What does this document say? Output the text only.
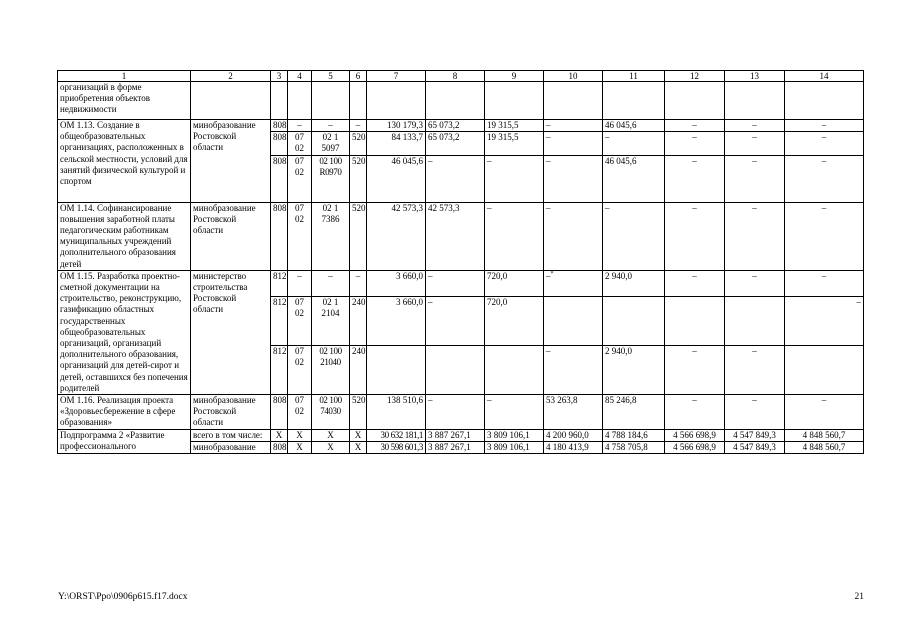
1	2	3	4	5	6	7	8	9	10	11	12	13	14
организаций в форме приобретения объектов недвижимости													
ОМ 1.13. Создание в общеобразовательных организациях, расположенных в сельской местности, условий для занятий физической культурой и спортом	минобразование Ростовской области	808	–	–	–	130 179,3	65 073,2	19 315,5	–	46 045,6	–	–	–
		808	07 02	02 1 5097	520	84 133,7	65 073,2	19 315,5	–	–	–	–	–
		808	07 02	02 100 R0970	520	46 045,6	–	–	–	46 045,6	–	–	–
ОМ 1.14. Софинансирование повышения заработной платы педагогическим работникам муниципальных учреждений дополнительного образования детей	минобразование Ростовской области	808	07 02	02 1 7386	520	42 573,3	42 573,3	–	–	–	–	–	–
ОМ 1.15. Разработка проектно-сметной документации на строительство, реконструкцию, газификацию областных государственных общеобразовательных организаций, организаций дополнительного образования, организаций для детей-сирот и детей, оставшихся без попечения родителей	министерство строительства Ростовской области	812	–	–	–	3 660,0	–	720,0	–*	2 940,0	–	–	–
		812	07 02	02 1 2104	240	3 660,0	–	720,0					–
		812	07 02	02 100 21040	240				–	2 940,0	–	–	
ОМ 1.16. Реализация проекта «Здоровьесбережение в сфере образования»	минобразование Ростовской области	808	07 02	02 100 74030	520	138 510,6	–	–	53 263,8	85 246,8	–	–	–
Подпрограмма 2 «Развитие профессионального	всего в том числе:	Х	Х	Х	Х	30 632 181,1	3 887 267,1	3 809 106,1	4 200 960,0	4 788 184,6	4 566 698,9	4 547 849,3	4 848 560,7
	минобразование	808	Х	Х	Х	30 598 601,3	3 887 267,1	3 809 106,1	4 180 413,9	4 758 705,8	4 566 698,9	4 547 849,3	4 848 560,7
Y:\ORST\Ppo\0906p615.f17.docx	21
